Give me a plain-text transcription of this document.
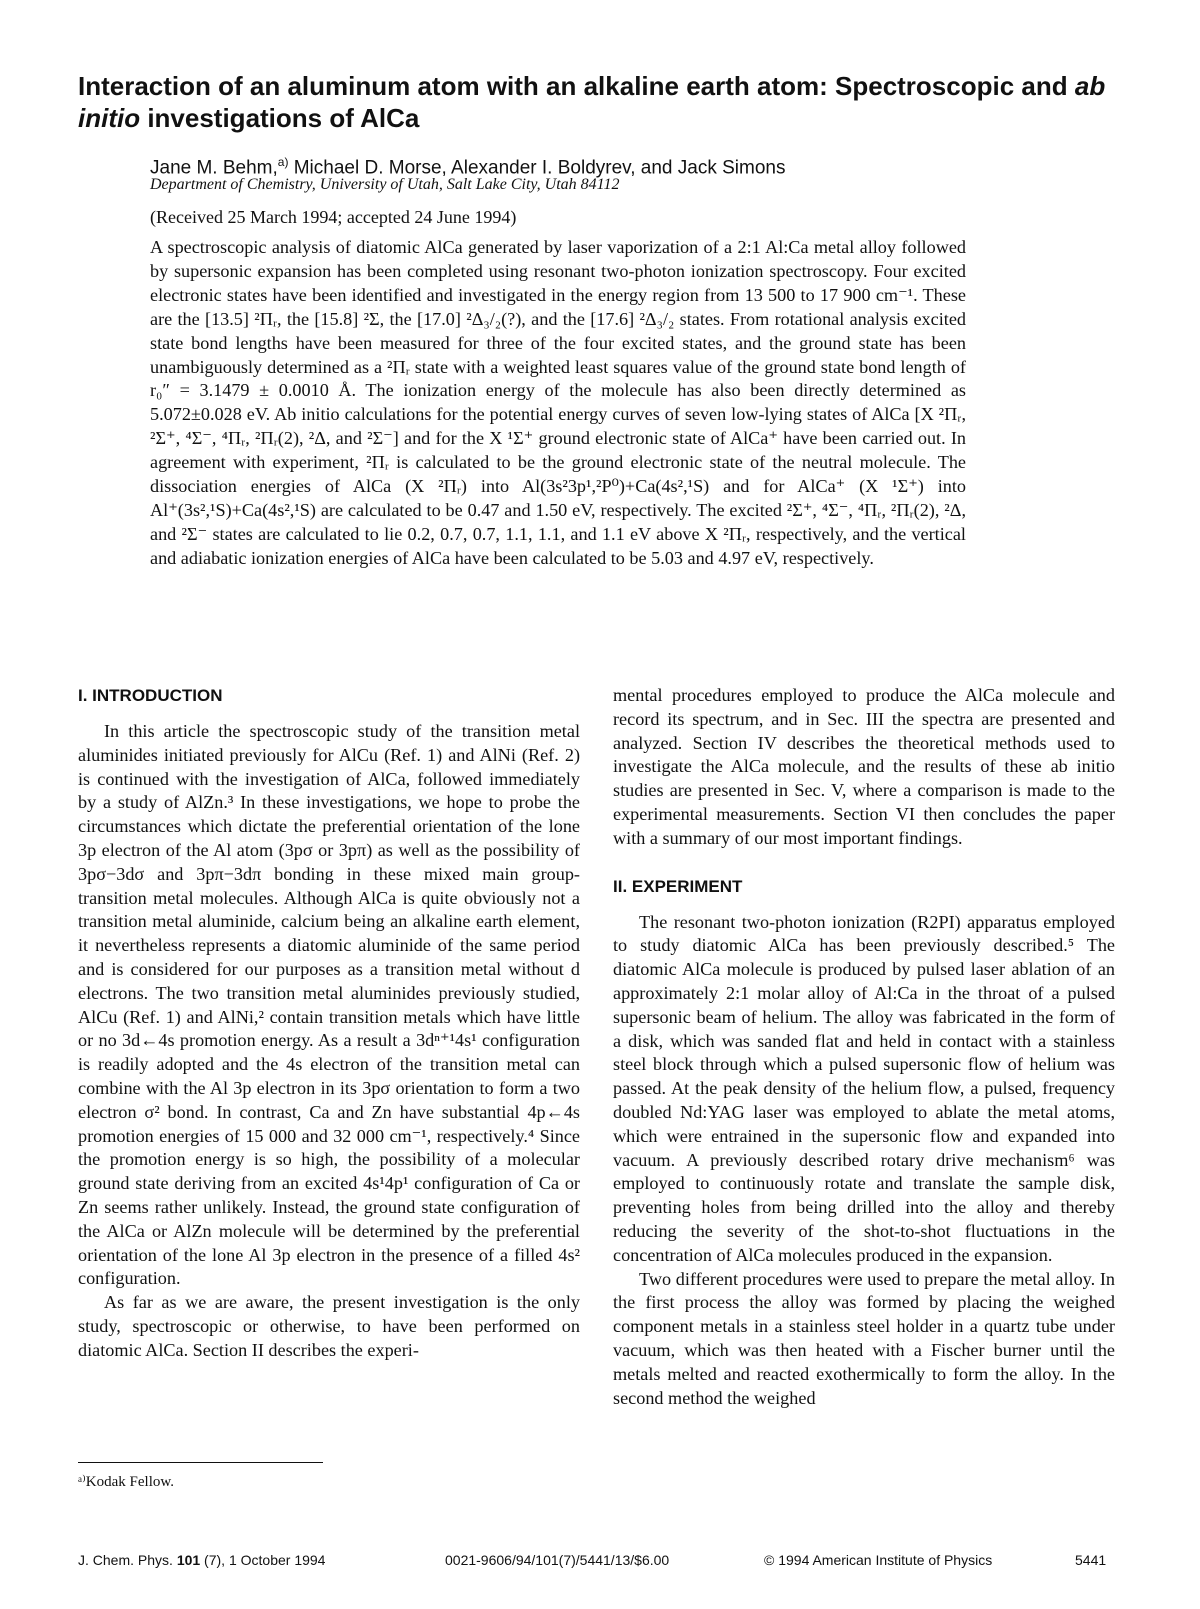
Interaction of an aluminum atom with an alkaline earth atom: Spectroscopic and ab initio investigations of AlCa
Jane M. Behm,$^{a)}$ Michael D. Morse, Alexander I. Boldyrev, and Jack Simons
Department of Chemistry, University of Utah, Salt Lake City, Utah 84112
(Received 25 March 1994; accepted 24 June 1994)

A spectroscopic analysis of diatomic AlCa generated by laser vaporization of a 2:1 Al:Ca metal alloy followed by supersonic expansion has been completed using resonant two-photon ionization spectroscopy. Four excited electronic states have been identified and investigated in the energy region from 13 500 to 17 900 cm⁻¹. These are the [13.5] ²Πᵣ, the [15.8] ²Σ, the [17.0] ²Δ₃/₂(?), and the [17.6] ²Δ₃/₂ states. From rotational analysis excited state bond lengths have been measured for three of the four excited states, and the ground state has been unambiguously determined as a ²Πᵣ state with a weighted least squares value of the ground state bond length of r₀″ = 3.1479 ± 0.0010 Å. The ionization energy of the molecule has also been directly determined as 5.072±0.028 eV. Ab initio calculations for the potential energy curves of seven low-lying states of AlCa [X ²Πᵣ, ²Σ⁺, ⁴Σ⁻, ⁴Πᵣ, ²Πᵣ(2), ²Δ, and ²Σ⁻] and for the X ¹Σ⁺ ground electronic state of AlCa⁺ have been carried out. In agreement with experiment, ²Πᵣ is calculated to be the ground electronic state of the neutral molecule. The dissociation energies of AlCa (X ²Πᵣ) into Al(3s²3p¹,²P⁰)+Ca(4s²,¹S) and for AlCa⁺ (X ¹Σ⁺) into Al⁺(3s²,¹S)+Ca(4s²,¹S) are calculated to be 0.47 and 1.50 eV, respectively. The excited ²Σ⁺, ⁴Σ⁻, ⁴Πᵣ, ²Πᵣ(2), ²Δ, and ²Σ⁻ states are calculated to lie 0.2, 0.7, 0.7, 1.1, 1.1, and 1.1 eV above X ²Πᵣ, respectively, and the vertical and adiabatic ionization energies of AlCa have been calculated to be 5.03 and 4.97 eV, respectively.

I. INTRODUCTION

In this article the spectroscopic study of the transition metal aluminides initiated previously for AlCu (Ref. 1) and AlNi (Ref. 2) is continued with the investigation of AlCa, followed immediately by a study of AlZn.³ In these investigations, we hope to probe the circumstances which dictate the preferential orientation of the lone 3p electron of the Al atom (3pσ or 3pπ) as well as the possibility of 3pσ−3dσ and 3pπ−3dπ bonding in these mixed main group-transition metal molecules. Although AlCa is quite obviously not a transition metal aluminide, calcium being an alkaline earth element, it nevertheless represents a diatomic aluminide of the same period and is considered for our purposes as a transition metal without d electrons. The two transition metal aluminides previously studied, AlCu (Ref. 1) and AlNi,² contain transition metals which have little or no 3d←4s promotion energy. As a result a 3dⁿ⁺¹4s¹ configuration is readily adopted and the 4s electron of the transition metal can combine with the Al 3p electron in its 3pσ orientation to form a two electron σ² bond. In contrast, Ca and Zn have substantial 4p←4s promotion energies of 15 000 and 32 000 cm⁻¹, respectively.⁴ Since the promotion energy is so high, the possibility of a molecular ground state deriving from an excited 4s¹4p¹ configuration of Ca or Zn seems rather unlikely. Instead, the ground state configuration of the AlCa or AlZn molecule will be determined by the preferential orientation of the lone Al 3p electron in the presence of a filled 4s² configuration.

As far as we are aware, the present investigation is the only study, spectroscopic or otherwise, to have been performed on diatomic AlCa. Section II describes the experi-

mental procedures employed to produce the AlCa molecule and record its spectrum, and in Sec. III the spectra are presented and analyzed. Section IV describes the theoretical methods used to investigate the AlCa molecule, and the results of these ab initio studies are presented in Sec. V, where a comparison is made to the experimental measurements. Section VI then concludes the paper with a summary of our most important findings.

II. EXPERIMENT

The resonant two-photon ionization (R2PI) apparatus employed to study diatomic AlCa has been previously described.⁵ The diatomic AlCa molecule is produced by pulsed laser ablation of an approximately 2:1 molar alloy of Al:Ca in the throat of a pulsed supersonic beam of helium. The alloy was fabricated in the form of a disk, which was sanded flat and held in contact with a stainless steel block through which a pulsed supersonic flow of helium was passed. At the peak density of the helium flow, a pulsed, frequency doubled Nd:YAG laser was employed to ablate the metal atoms, which were entrained in the supersonic flow and expanded into vacuum. A previously described rotary drive mechanism⁶ was employed to continuously rotate and translate the sample disk, preventing holes from being drilled into the alloy and thereby reducing the severity of the shot-to-shot fluctuations in the concentration of AlCa molecules produced in the expansion.

Two different procedures were used to prepare the metal alloy. In the first process the alloy was formed by placing the weighed component metals in a stainless steel holder in a quartz tube under vacuum, which was then heated with a Fischer burner until the metals melted and reacted exothermically to form the alloy. In the second method the weighed

ᵃ⁾Kodak Fellow.
J. Chem. Phys. 101 (7), 1 October 1994	0021-9606/94/101(7)/5441/13/$6.00	© 1994 American Institute of Physics	5441
